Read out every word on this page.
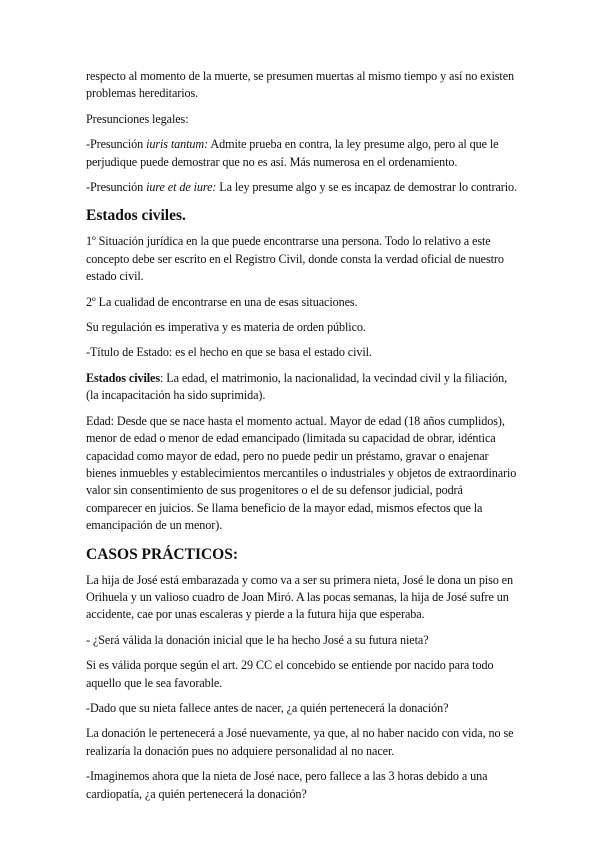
respecto al momento de la muerte, se presumen muertas al mismo tiempo y así no existen problemas hereditarios.

Presunciones legales:

-Presunción iuris tantum: Admite prueba en contra, la ley presume algo, pero al que le perjudique puede demostrar que no es así. Más numerosa en el ordenamiento.

-Presunción iure et de iure: La ley presume algo y se es incapaz de demostrar lo contrario.

Estados civiles.

1º Situación jurídica en la que puede encontrarse una persona. Todo lo relativo a este concepto debe ser escrito en el Registro Civil, donde consta la verdad oficial de nuestro estado civil.

2º La cualidad de encontrarse en una de esas situaciones.

Su regulación es imperativa y es materia de orden público.

-Título de Estado: es el hecho en que se basa el estado civil.

Estados civiles: La edad, el matrimonio, la nacionalidad, la vecindad civil y la filiación, (la incapacitación ha sido suprimida).

Edad: Desde que se nace hasta el momento actual. Mayor de edad (18 años cumplidos), menor de edad o menor de edad emancipado (limitada su capacidad de obrar, idéntica capacidad como mayor de edad, pero no puede pedir un préstamo, gravar o enajenar bienes inmuebles y establecimientos mercantiles o industriales y objetos de extraordinario valor sin consentimiento de sus progenitores o el de su defensor judicial, podrá comparecer en juicios. Se llama beneficio de la mayor edad, mismos efectos que la emancipación de un menor).

CASOS PRÁCTICOS:

La hija de José está embarazada y como va a ser su primera nieta, José le dona un piso en Orihuela y un valioso cuadro de Joan Miró. A las pocas semanas, la hija de José sufre un accidente, cae por unas escaleras y pierde a la futura hija que esperaba.

- ¿Será válida la donación inicial que le ha hecho José a su futura nieta?

Si es válida porque según el art. 29 CC el concebido se entiende por nacido para todo aquello que le sea favorable.

-Dado que su nieta fallece antes de nacer, ¿a quién pertenecerá la donación?

La donación le pertenecerá a José nuevamente, ya que, al no haber nacido con vida, no se realizaría la donación pues no adquiere personalidad al no nacer.

-Imaginemos ahora que la nieta de José nace, pero fallece a las 3 horas debido a una cardiopatía, ¿a quién pertenecerá la donación?
